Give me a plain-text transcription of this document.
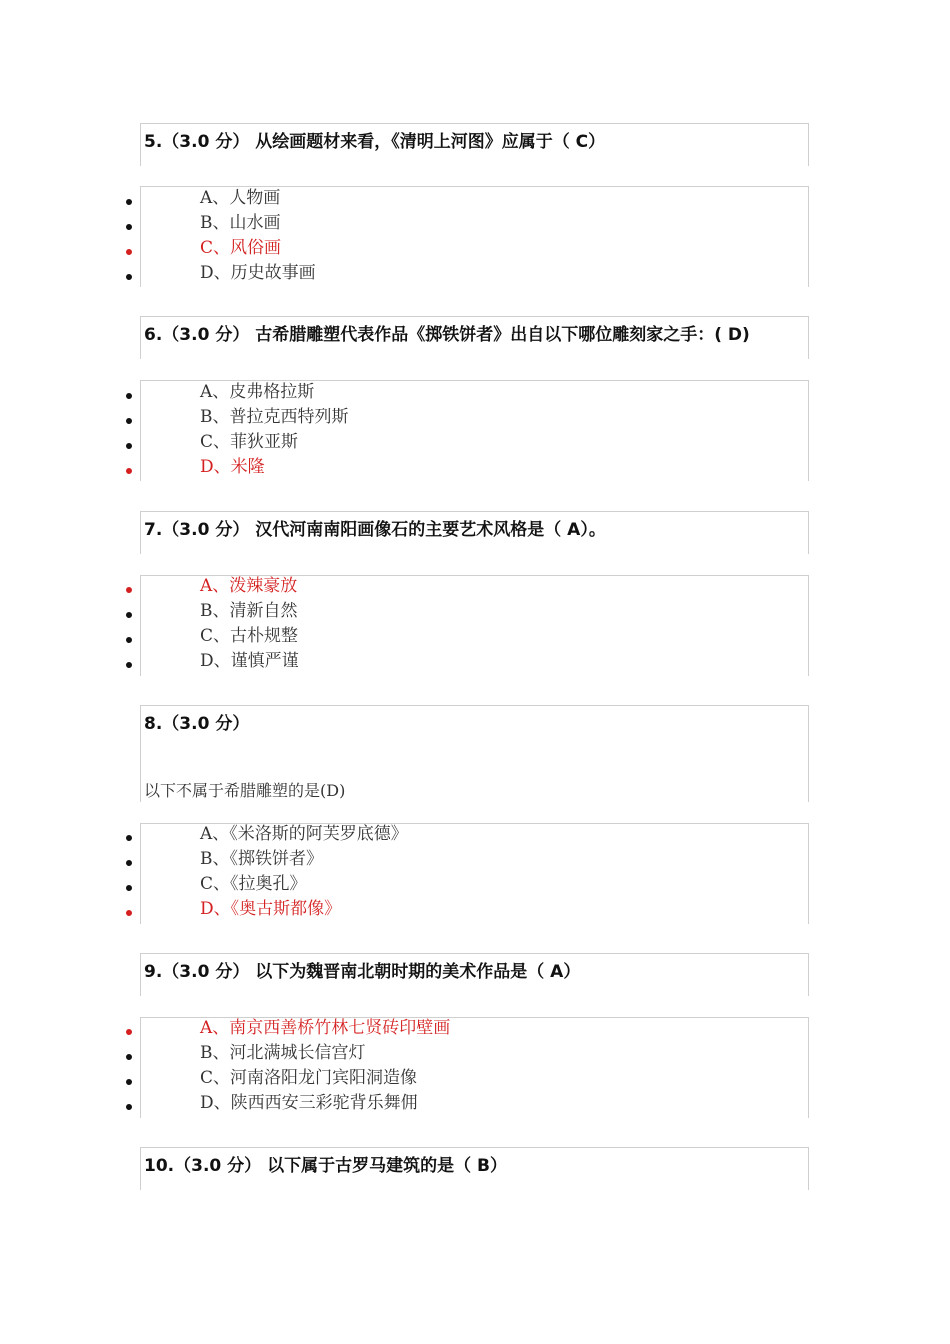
5.（3.0 分） 从绘画题材来看，《清明上河图》应属于（ C）
A、人物画
B、山水画
C、风俗画
D、历史故事画
6.（3.0 分） 古希腊雕塑代表作品《掷铁饼者》出自以下哪位雕刻家之手：( D)
A、皮弗格拉斯
B、普拉克西特列斯
C、菲狄亚斯
D、米隆
7.（3.0 分） 汉代河南南阳画像石的主要艺术风格是（ A）。
A、泼辣豪放
B、清新自然
C、古朴规整
D、谨慎严谨
8.（3.0 分）
以下不属于希腊雕塑的是(D)
A、《米洛斯的阿芙罗底德》
B、《掷铁饼者》
C、《拉奥孔》
D、《奥古斯都像》
9.（3.0 分） 以下为魏晋南北朝时期的美术作品是（ A）
A、南京西善桥竹林七贤砖印壁画
B、河北满城长信宫灯
C、河南洛阳龙门宾阳洞造像
D、陕西西安三彩驼背乐舞佣
10.（3.0 分） 以下属于古罗马建筑的是（ B）
